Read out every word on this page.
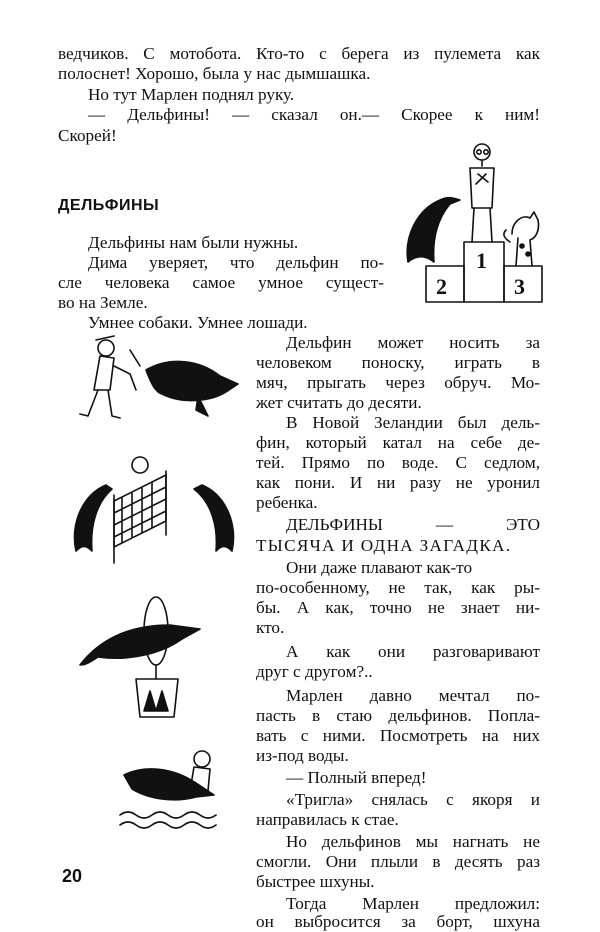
ведчиков. С мотобота. Кто-то с берега из пулемета как
полоснет! Хорошо, была у нас дымшашка.
Но тут Марлен поднял руку.
— Дельфины! — сказал он.— Скорее к ним!
Скорей!
ДЕЛЬФИНЫ
Дельфины нам были нужны.
Дима уверяет, что дельфин по-
сле человека самое умное сущест-
во на Земле.
Умнее собаки. Умнее лошади.
Дельфин может носить за
человеком поноску, играть в
мяч, прыгать через обруч. Мо-
жет считать до десяти.
В Новой Зеландии был дель-
фин, который катал на себе де-
тей. Прямо по воде. С седлом,
как пони. И ни разу не уронил
ребенка.
ДЕЛЬФИНЫ — ЭТО
ТЫСЯЧА И ОДНА ЗАГАДКА.
Они даже плавают как-то
по-особенному, не так, как ры-
бы. А как, точно не знает ни-
кто.
А как они разговаривают
друг с другом?..
Марлен давно мечтал по-
пасть в стаю дельфинов. Попла-
вать с ними. Посмотреть на них
из-под воды.
— Полный вперед!
«Тригла» снялась с якоря и
направилась к стае.
Но дельфинов мы нагнать не
смогли. Они плыли в десять раз
быстрее шхуны.
Тогда Марлен предложил:
он выбросится за борт, шхуна
20
2
1
3
